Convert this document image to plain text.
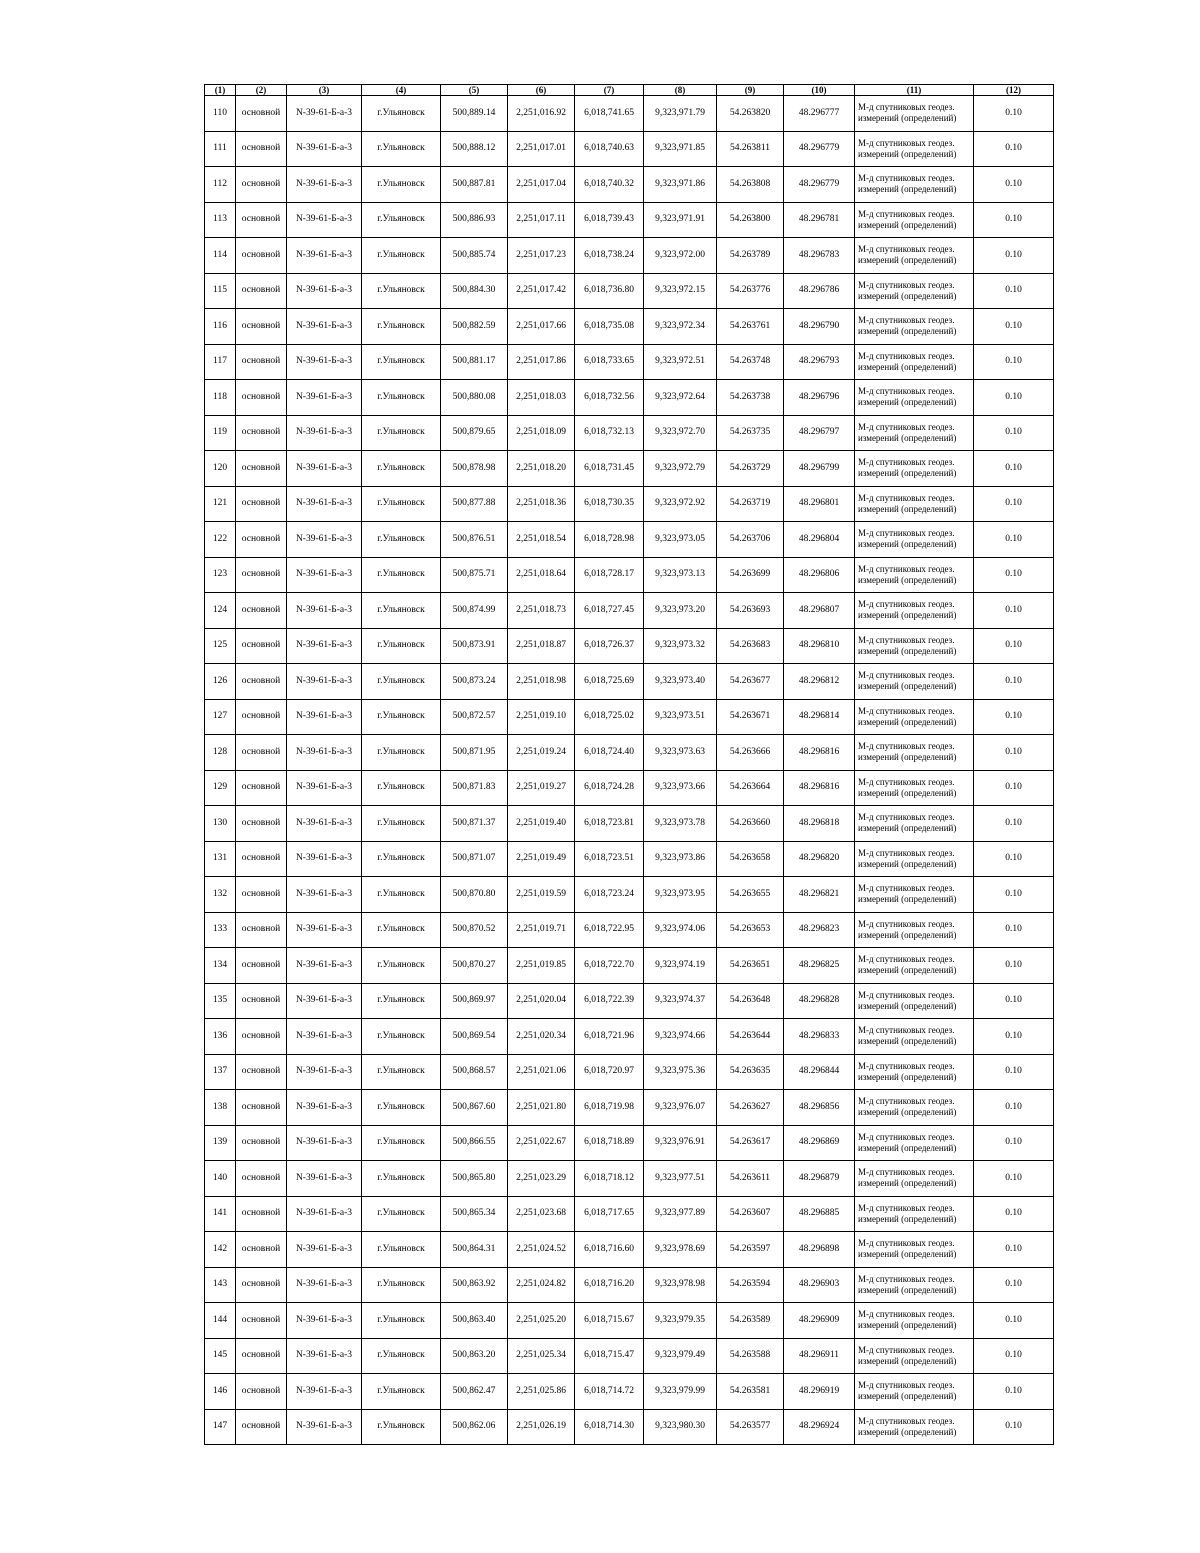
(1)	(2)	(3)	(4)	(5)	(6)	(7)	(8)	(9)	(10)	(11)	(12)
110	основной	N-39-61-Б-а-3	г.Ульяновск	500,889.14	2,251,016.92	6,018,741.65	9,323,971.79	54.263820	48.296777	М-д спутниковых геодез. измерений (определений)	0.10
111	основной	N-39-61-Б-а-3	г.Ульяновск	500,888.12	2,251,017.01	6,018,740.63	9,323,971.85	54.263811	48.296779	М-д спутниковых геодез. измерений (определений)	0.10
112	основной	N-39-61-Б-а-3	г.Ульяновск	500,887.81	2,251,017.04	6,018,740.32	9,323,971.86	54.263808	48.296779	М-д спутниковых геодез. измерений (определений)	0.10
113	основной	N-39-61-Б-а-3	г.Ульяновск	500,886.93	2,251,017.11	6,018,739.43	9,323,971.91	54.263800	48.296781	М-д спутниковых геодез. измерений (определений)	0.10
114	основной	N-39-61-Б-а-3	г.Ульяновск	500,885.74	2,251,017.23	6,018,738.24	9,323,972.00	54.263789	48.296783	М-д спутниковых геодез. измерений (определений)	0.10
115	основной	N-39-61-Б-а-3	г.Ульяновск	500,884.30	2,251,017.42	6,018,736.80	9,323,972.15	54.263776	48.296786	М-д спутниковых геодез. измерений (определений)	0.10
116	основной	N-39-61-Б-а-3	г.Ульяновск	500,882.59	2,251,017.66	6,018,735.08	9,323,972.34	54.263761	48.296790	М-д спутниковых геодез. измерений (определений)	0.10
117	основной	N-39-61-Б-а-3	г.Ульяновск	500,881.17	2,251,017.86	6,018,733.65	9,323,972.51	54.263748	48.296793	М-д спутниковых геодез. измерений (определений)	0.10
118	основной	N-39-61-Б-а-3	г.Ульяновск	500,880.08	2,251,018.03	6,018,732.56	9,323,972.64	54.263738	48.296796	М-д спутниковых геодез. измерений (определений)	0.10
119	основной	N-39-61-Б-а-3	г.Ульяновск	500,879.65	2,251,018.09	6,018,732.13	9,323,972.70	54.263735	48.296797	М-д спутниковых геодез. измерений (определений)	0.10
120	основной	N-39-61-Б-а-3	г.Ульяновск	500,878.98	2,251,018.20	6,018,731.45	9,323,972.79	54.263729	48.296799	М-д спутниковых геодез. измерений (определений)	0.10
121	основной	N-39-61-Б-а-3	г.Ульяновск	500,877.88	2,251,018.36	6,018,730.35	9,323,972.92	54.263719	48.296801	М-д спутниковых геодез. измерений (определений)	0.10
122	основной	N-39-61-Б-а-3	г.Ульяновск	500,876.51	2,251,018.54	6,018,728.98	9,323,973.05	54.263706	48.296804	М-д спутниковых геодез. измерений (определений)	0.10
123	основной	N-39-61-Б-а-3	г.Ульяновск	500,875.71	2,251,018.64	6,018,728.17	9,323,973.13	54.263699	48.296806	М-д спутниковых геодез. измерений (определений)	0.10
124	основной	N-39-61-Б-а-3	г.Ульяновск	500,874.99	2,251,018.73	6,018,727.45	9,323,973.20	54.263693	48.296807	М-д спутниковых геодез. измерений (определений)	0.10
125	основной	N-39-61-Б-а-3	г.Ульяновск	500,873.91	2,251,018.87	6,018,726.37	9,323,973.32	54.263683	48.296810	М-д спутниковых геодез. измерений (определений)	0.10
126	основной	N-39-61-Б-а-3	г.Ульяновск	500,873.24	2,251,018.98	6,018,725.69	9,323,973.40	54.263677	48.296812	М-д спутниковых геодез. измерений (определений)	0.10
127	основной	N-39-61-Б-а-3	г.Ульяновск	500,872.57	2,251,019.10	6,018,725.02	9,323,973.51	54.263671	48.296814	М-д спутниковых геодез. измерений (определений)	0.10
128	основной	N-39-61-Б-а-3	г.Ульяновск	500,871.95	2,251,019.24	6,018,724.40	9,323,973.63	54.263666	48.296816	М-д спутниковых геодез. измерений (определений)	0.10
129	основной	N-39-61-Б-а-3	г.Ульяновск	500,871.83	2,251,019.27	6,018,724.28	9,323,973.66	54.263664	48.296816	М-д спутниковых геодез. измерений (определений)	0.10
130	основной	N-39-61-Б-а-3	г.Ульяновск	500,871.37	2,251,019.40	6,018,723.81	9,323,973.78	54.263660	48.296818	М-д спутниковых геодез. измерений (определений)	0.10
131	основной	N-39-61-Б-а-3	г.Ульяновск	500,871.07	2,251,019.49	6,018,723.51	9,323,973.86	54.263658	48.296820	М-д спутниковых геодез. измерений (определений)	0.10
132	основной	N-39-61-Б-а-3	г.Ульяновск	500,870.80	2,251,019.59	6,018,723.24	9,323,973.95	54.263655	48.296821	М-д спутниковых геодез. измерений (определений)	0.10
133	основной	N-39-61-Б-а-3	г.Ульяновск	500,870.52	2,251,019.71	6,018,722.95	9,323,974.06	54.263653	48.296823	М-д спутниковых геодез. измерений (определений)	0.10
134	основной	N-39-61-Б-а-3	г.Ульяновск	500,870.27	2,251,019.85	6,018,722.70	9,323,974.19	54.263651	48.296825	М-д спутниковых геодез. измерений (определений)	0.10
135	основной	N-39-61-Б-а-3	г.Ульяновск	500,869.97	2,251,020.04	6,018,722.39	9,323,974.37	54.263648	48.296828	М-д спутниковых геодез. измерений (определений)	0.10
136	основной	N-39-61-Б-а-3	г.Ульяновск	500,869.54	2,251,020.34	6,018,721.96	9,323,974.66	54.263644	48.296833	М-д спутниковых геодез. измерений (определений)	0.10
137	основной	N-39-61-Б-а-3	г.Ульяновск	500,868.57	2,251,021.06	6,018,720.97	9,323,975.36	54.263635	48.296844	М-д спутниковых геодез. измерений (определений)	0.10
138	основной	N-39-61-Б-а-3	г.Ульяновск	500,867.60	2,251,021.80	6,018,719.98	9,323,976.07	54.263627	48.296856	М-д спутниковых геодез. измерений (определений)	0.10
139	основной	N-39-61-Б-а-3	г.Ульяновск	500,866.55	2,251,022.67	6,018,718.89	9,323,976.91	54.263617	48.296869	М-д спутниковых геодез. измерений (определений)	0.10
140	основной	N-39-61-Б-а-3	г.Ульяновск	500,865.80	2,251,023.29	6,018,718.12	9,323,977.51	54.263611	48.296879	М-д спутниковых геодез. измерений (определений)	0.10
141	основной	N-39-61-Б-а-3	г.Ульяновск	500,865.34	2,251,023.68	6,018,717.65	9,323,977.89	54.263607	48.296885	М-д спутниковых геодез. измерений (определений)	0.10
142	основной	N-39-61-Б-а-3	г.Ульяновск	500,864.31	2,251,024.52	6,018,716.60	9,323,978.69	54.263597	48.296898	М-д спутниковых геодез. измерений (определений)	0.10
143	основной	N-39-61-Б-а-3	г.Ульяновск	500,863.92	2,251,024.82	6,018,716.20	9,323,978.98	54.263594	48.296903	М-д спутниковых геодез. измерений (определений)	0.10
144	основной	N-39-61-Б-а-3	г.Ульяновск	500,863.40	2,251,025.20	6,018,715.67	9,323,979.35	54.263589	48.296909	М-д спутниковых геодез. измерений (определений)	0.10
145	основной	N-39-61-Б-а-3	г.Ульяновск	500,863.20	2,251,025.34	6,018,715.47	9,323,979.49	54.263588	48.296911	М-д спутниковых геодез. измерений (определений)	0.10
146	основной	N-39-61-Б-а-3	г.Ульяновск	500,862.47	2,251,025.86	6,018,714.72	9,323,979.99	54.263581	48.296919	М-д спутниковых геодез. измерений (определений)	0.10
147	основной	N-39-61-Б-а-3	г.Ульяновск	500,862.06	2,251,026.19	6,018,714.30	9,323,980.30	54.263577	48.296924	М-д спутниковых геодез. измерений (определений)	0.10
